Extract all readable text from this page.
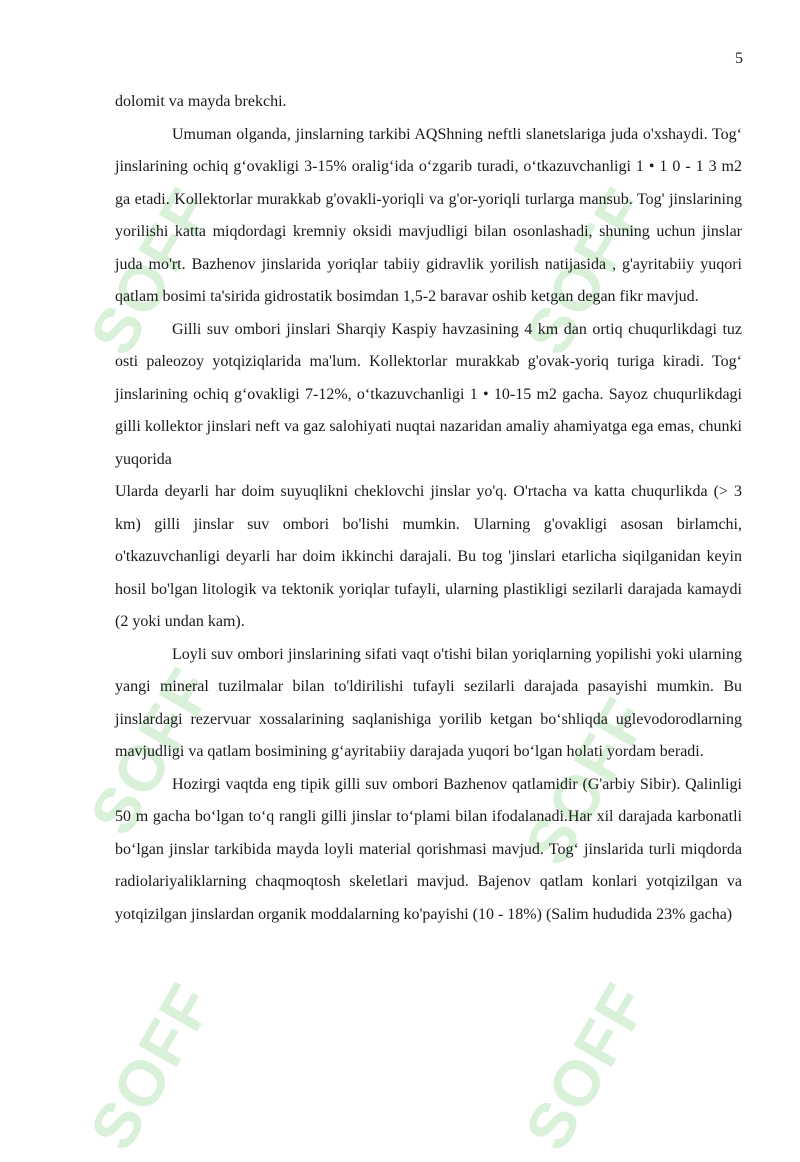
SOFF	SOFF
SOFF	SOFF
SOFF	SOFF
5

dolomit va mayda brekchi.

Umuman olganda, jinslarning tarkibi AQShning neftli slanetslariga juda o'xshaydi. Tog‘ jinslarining ochiq g‘ovakligi 3-15% oralig‘ida o‘zgarib turadi, o‘tkazuvchanligi 1 • 1 0 - 1 3 m2 ga etadi. Kollektorlar murakkab g'ovakli-yoriqli va g'or-yoriqli turlarga mansub. Tog' jinslarining yorilishi katta miqdordagi kremniy oksidi mavjudligi bilan osonlashadi, shuning uchun jinslar juda mo'rt. Bazhenov jinslarida yoriqlar tabiiy gidravlik yorilish natijasida , g'ayritabiiy yuqori qatlam bosimi ta'sirida gidrostatik bosimdan 1,5-2 baravar oshib ketgan degan fikr mavjud.

Gilli suv ombori jinslari Sharqiy Kaspiy havzasining 4 km dan ortiq chuqurlikdagi tuz osti paleozoy yotqiziqlarida ma'lum. Kollektorlar murakkab g'ovak-yoriq turiga kiradi. Tog‘ jinslarining ochiq g‘ovakligi 7-12%, o‘tkazuvchanligi 1 • 10-15 m2 gacha. Sayoz chuqurlikdagi gilli kollektor jinslari neft va gaz salohiyati nuqtai nazaridan amaliy ahamiyatga ega emas, chunki yuqorida

Ularda deyarli har doim suyuqlikni cheklovchi jinslar yo'q. O'rtacha va katta chuqurlikda (> 3 km) gilli jinslar suv ombori bo'lishi mumkin. Ularning g'ovakligi asosan birlamchi, o'tkazuvchanligi deyarli har doim ikkinchi darajali. Bu tog 'jinslari etarlicha siqilganidan keyin hosil bo'lgan litologik va tektonik yoriqlar tufayli, ularning plastikligi sezilarli darajada kamaydi (2 yoki undan kam).

Loyli suv ombori jinslarining sifati vaqt o'tishi bilan yoriqlarning yopilishi yoki ularning yangi mineral tuzilmalar bilan to'ldirilishi tufayli sezilarli darajada pasayishi mumkin. Bu jinslardagi rezervuar xossalarining saqlanishiga yorilib ketgan bo‘shliqda uglevodorodlarning mavjudligi va qatlam bosimining g‘ayritabiiy darajada yuqori bo‘lgan holati yordam beradi.

Hozirgi vaqtda eng tipik gilli suv ombori Bazhenov qatlamidir (G'arbiy Sibir). Qalinligi 50 m gacha bo‘lgan to‘q rangli gilli jinslar to‘plami bilan ifodalanadi.Har xil darajada karbonatli bo‘lgan jinslar tarkibida mayda loyli material qorishmasi mavjud. Tog‘ jinslarida turli miqdorda radiolariyaliklarning chaqmoqtosh skeletlari mavjud. Bajenov qatlam konlari yotqizilgan va yotqizilgan jinslardan organik moddalarning ko'payishi (10 - 18%) (Salim hududida 23% gacha)
